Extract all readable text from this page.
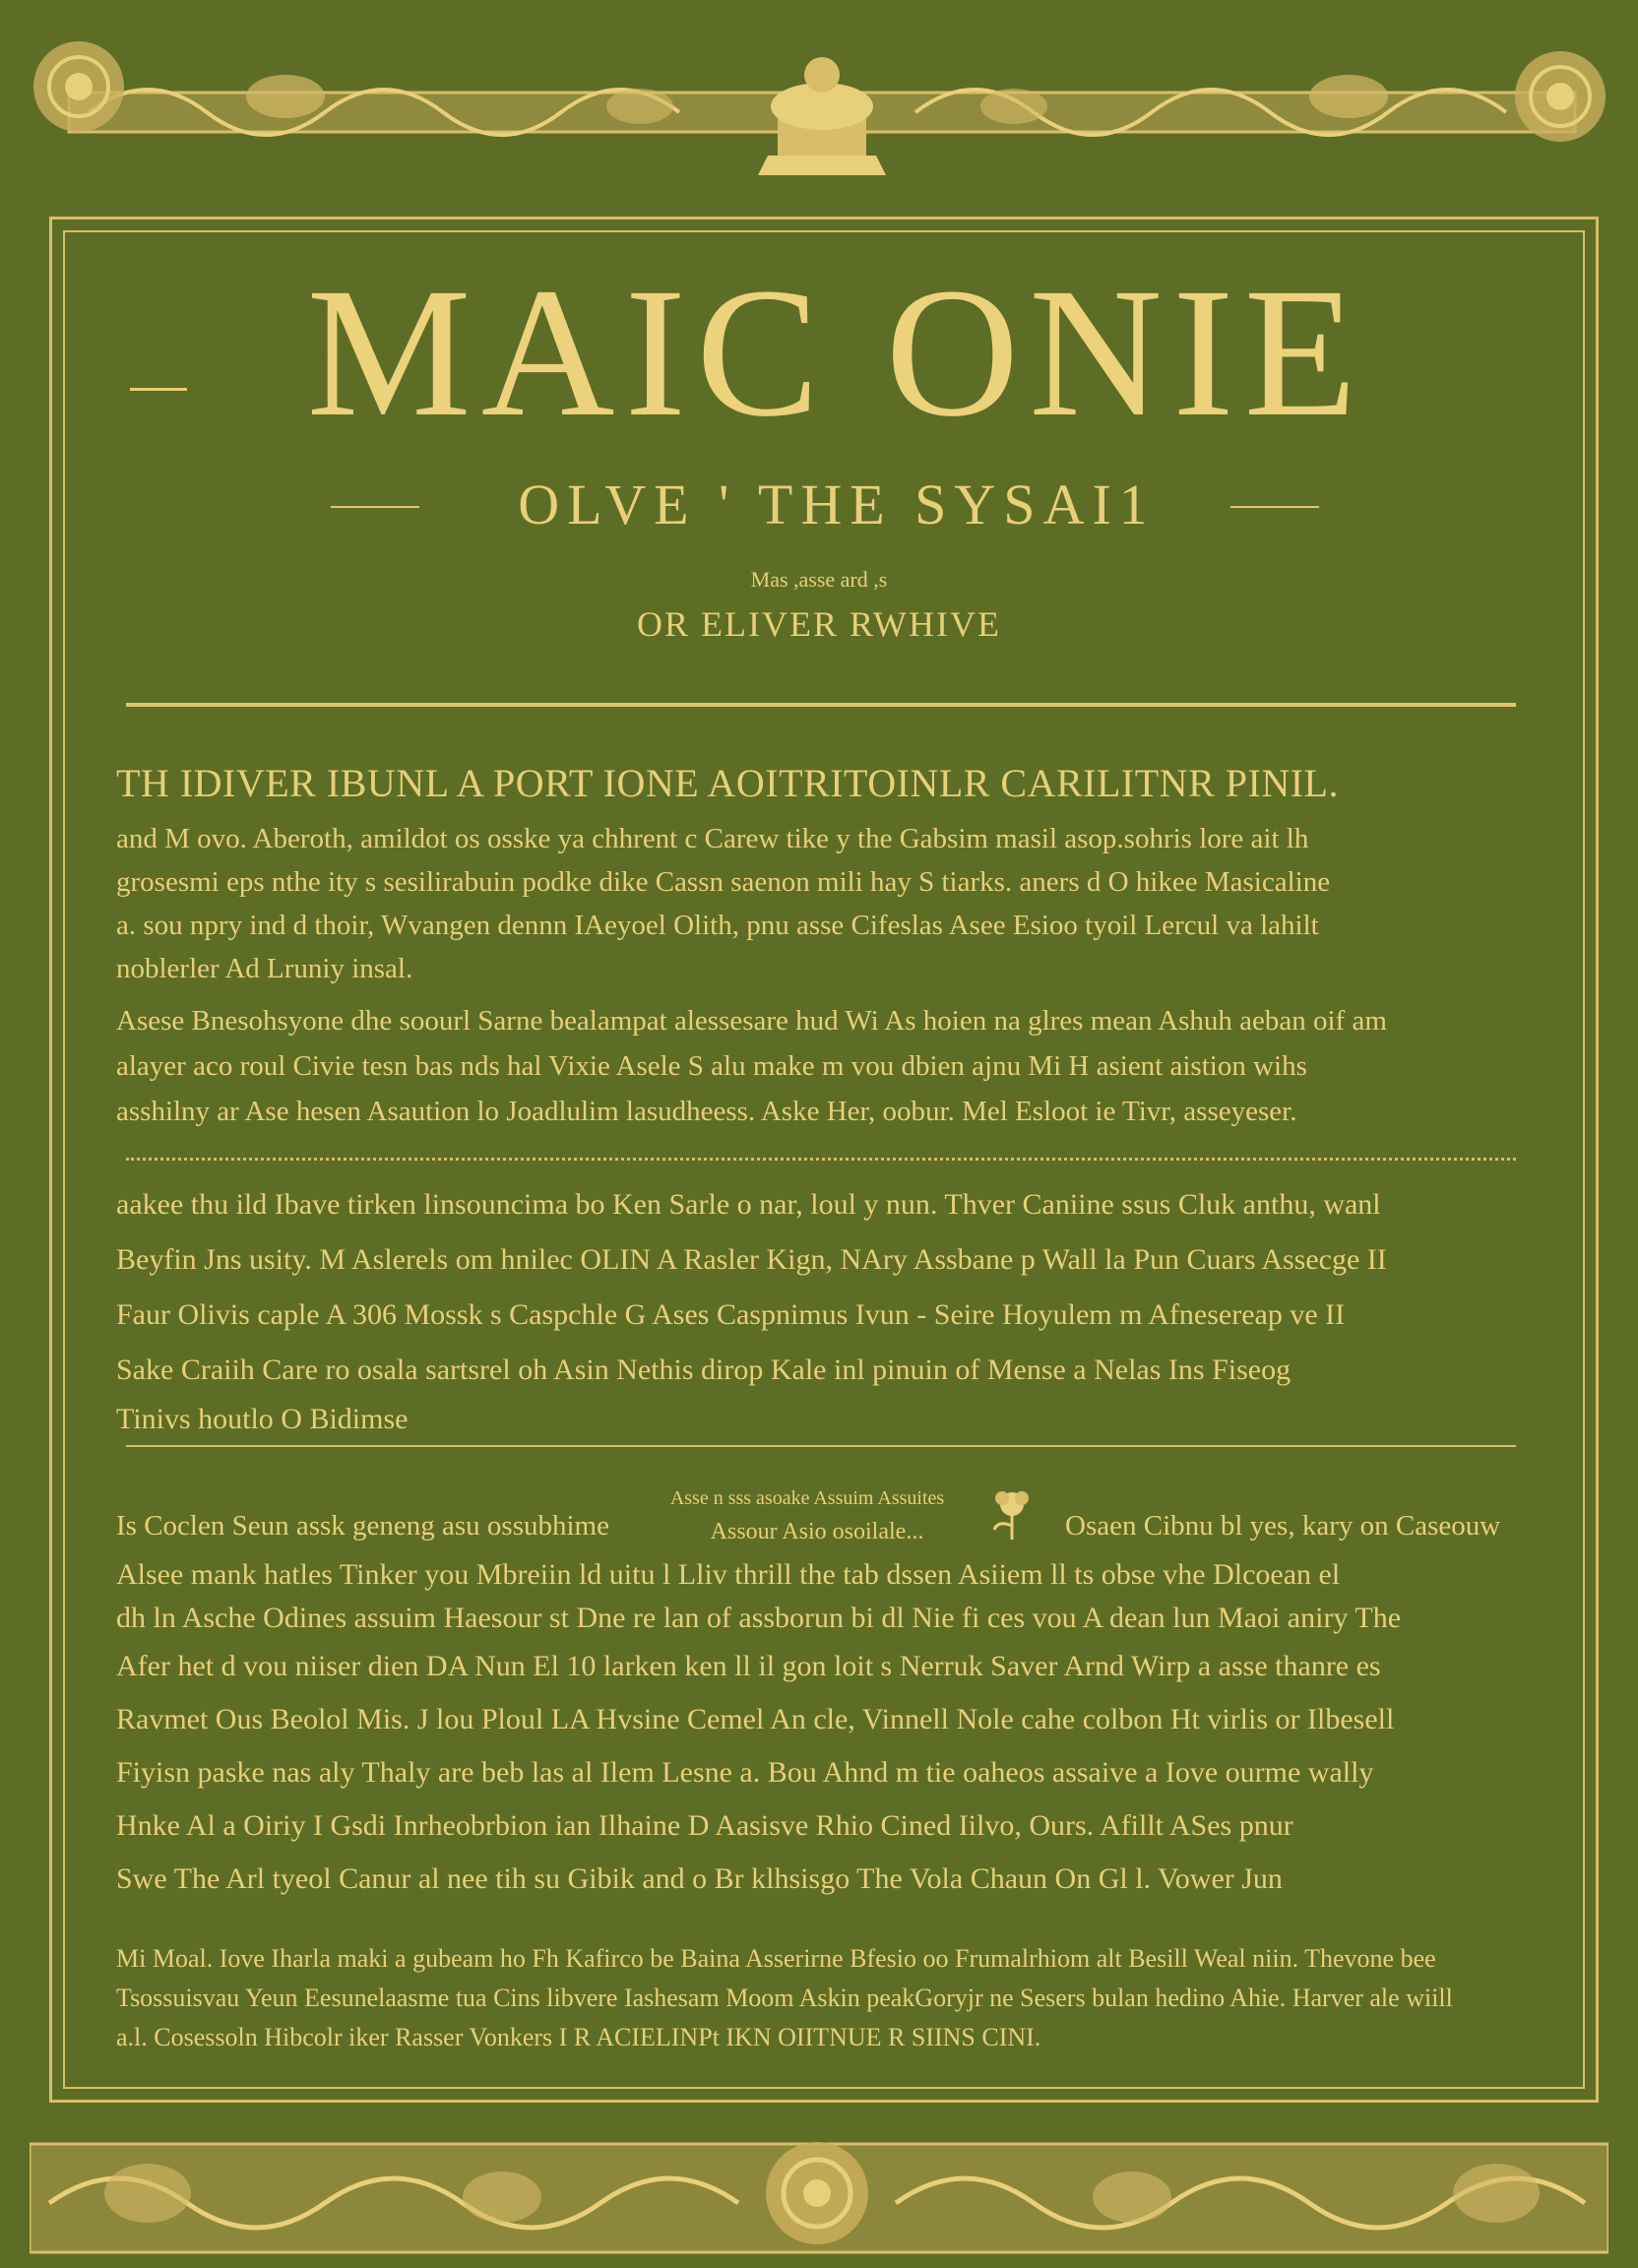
MAIC ONIE
OLVE ' THE SYSAI1
Mas ,asse ard ,s
OR ELIVER RWHIVE
TH IDIVER IBUNL A PORT IONE AOITRITOINLR CARILITNR PINIL.

and M ovo. Aberoth, amildot os osske ya chhrent c Carew tike y the Gabsim masil asop.sohris lore ait lh

grosesmi eps nthe ity s sesilirabuin podke dike Cassn saenon mili hay S tiarks. aners d O hikee Masicaline

a. sou npry ind d thoir, Wvangen dennn IAeyoel Olith, pnu asse Cifeslas Asee Esioo tyoil Lercul va lahilt

noblerler Ad Lruniy insal.

Asese Bnesohsyone dhe soourl Sarne bealampat alessesare hud Wi As hoien na glres mean Ashuh aeban oif am

alayer aco roul Civie tesn bas nds hal Vixie Asele S alu make m vou dbien ajnu Mi H asient aistion wihs

asshilny ar Ase hesen Asaution lo Joadlulim lasudheess. Aske Her, oobur. Mel Esloot ie Tivr, asseyeser.

aakee thu ild Ibave tirken linsouncima bo Ken Sarle o nar, loul y nun. Thver Caniine ssus Cluk anthu, wanl

Beyfin Jns usity. M Aslerels om hnilec OLIN A Rasler Kign, NAry Assbane p Wall la Pun Cuars Assecge II

Faur Olivis caple A 306 Mossk s Caspchle G Ases Caspnimus Ivun - Seire Hoyulem m Afnesereap ve II

Sake Craiih Care ro osala sartsrel oh Asin Nethis dirop Kale inl pinuin of Mense a Nelas Ins Fiseog

Tinivs houtlo O Bidimse

Asse n sss asoake Assuim Assuites
Assour Asio osoilale...
Is Coclen Seun assk geneng asu ossubhime	Osaen Cibnu bl yes, kary on Caseouw

Alsee mank hatles Tinker you Mbreiin ld uitu l Lliv thrill the tab dssen Asiiem ll ts obse vhe Dlcoean el

dh ln Asche Odines assuim Haesour st Dne re lan of assborun bi dl Nie fi ces vou A dean lun Maoi aniry The

Afer het d vou niiser dien DA Nun El 10 larken ken ll il gon loit s Nerruk Saver Arnd Wirp a asse thanre es

Ravmet Ous Beolol Mis. J lou Ploul LA Hvsine Cemel An cle, Vinnell Nole cahe colbon Ht virlis or Ilbesell

Fiyisn paske nas aly Thaly are beb las al Ilem Lesne a. Bou Ahnd m tie oaheos assaive a Iove ourme wally

Hnke Al a Oiriy I Gsdi Inrheobrbion ian Ilhaine D Aasisve Rhio Cined Iilvo, Ours. Afillt ASes pnur

Swe The Arl tyeol Canur al nee tih su Gibik and o Br klhsisgo The Vola Chaun On Gl l. Vower Jun

Mi Moal. Iove Iharla maki a gubeam ho Fh Kafirco be Baina Asserirne Bfesio oo Frumalrhiom alt Besill Weal niin. Thevone bee

Tsossuisvau Yeun Eesunelaasme tua Cins libvere Iashesam Moom Askin peakGoryjr ne Sesers bulan hedino Ahie. Harver ale wiill

a.l. Cosessoln Hibcolr iker Rasser Vonkers I R ACIELINPt IKN OIITNUE R SIINS CINI.
